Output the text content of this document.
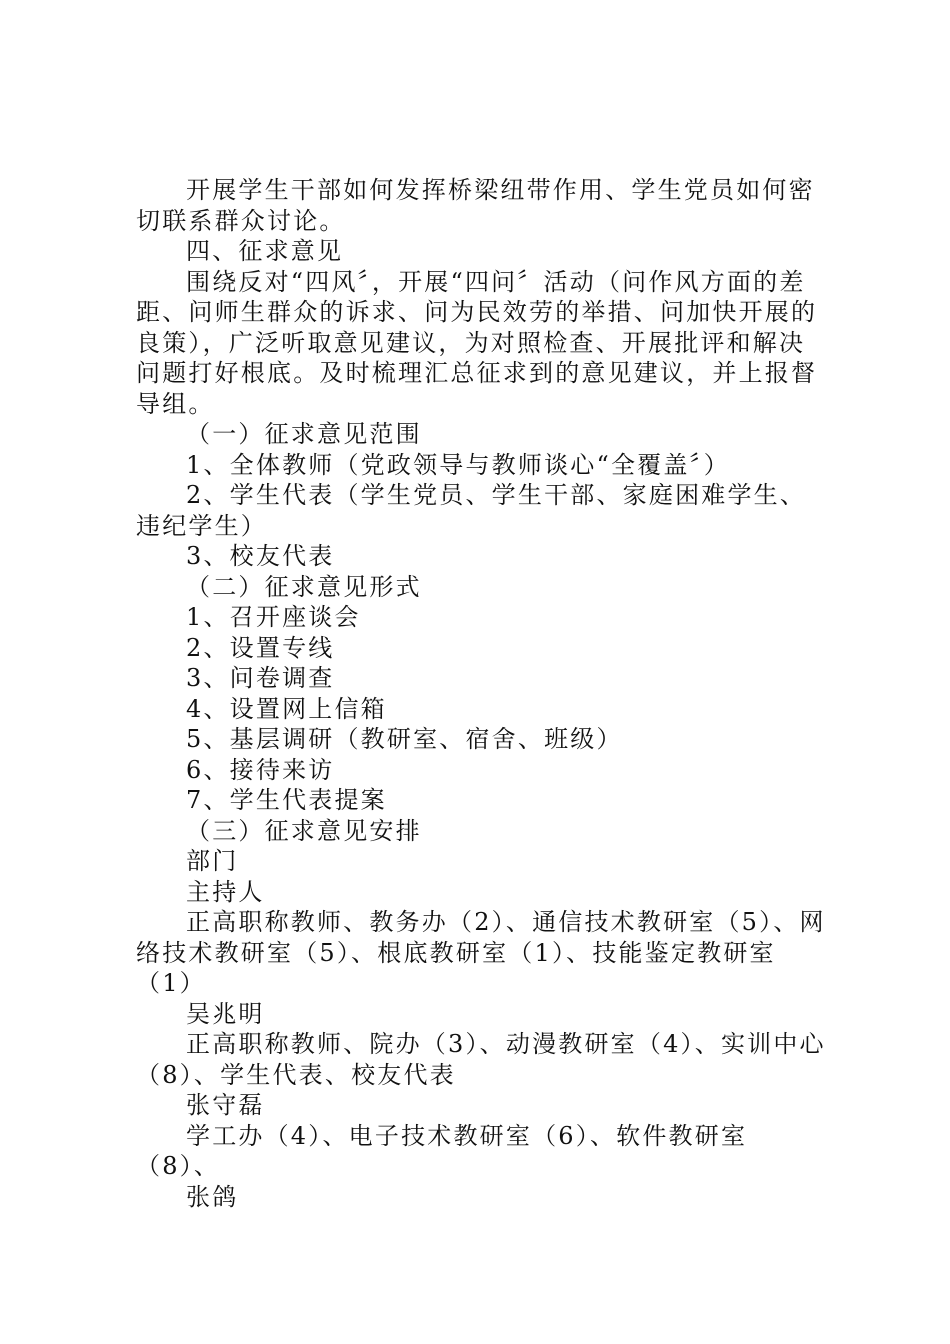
开展学生干部如何发挥桥梁纽带作用、学生党员如何密切联系群众讨论。

四、征求意见

围绕反对“四风〞，开展“四问〞活动（问作风方面的差距、问师生群众的诉求、问为民效劳的举措、问加快开展的良策），广泛听取意见建议，为对照检查、开展批评和解决问题打好根底。及时梳理汇总征求到的意见建议，并上报督导组。

（一）征求意见范围

1、全体教师（党政领导与教师谈心“全覆盖〞）

2、学生代表（学生党员、学生干部、家庭困难学生、违纪学生）

3、校友代表

（二）征求意见形式

1、召开座谈会

2、设置专线

3、问卷调查

4、设置网上信箱

5、基层调研（教研室、宿舍、班级）

6、接待来访

7、学生代表提案

（三）征求意见安排

部门

主持人

正高职称教师、教务办（2）、通信技术教研室（5）、网络技术教研室（5）、根底教研室（1）、技能鉴定教研室（1）

吴兆明

正高职称教师、院办（3）、动漫教研室（4）、实训中心（8）、学生代表、校友代表

张守磊

学工办（4）、电子技术教研室（6）、软件教研室（8）、

张鸽
